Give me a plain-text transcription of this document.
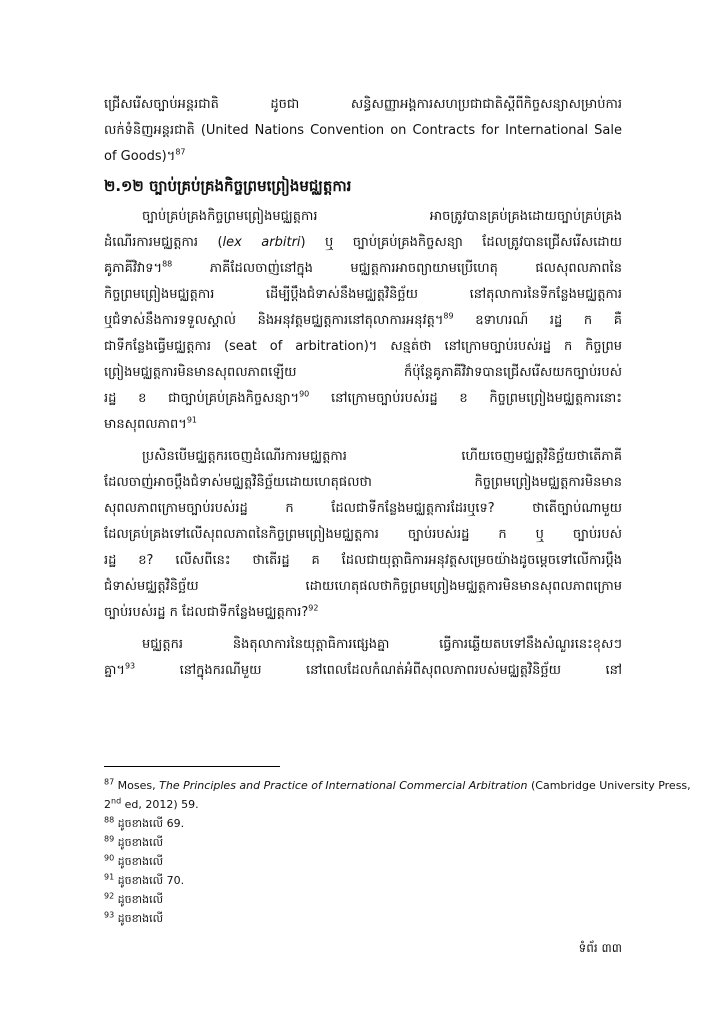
ជ្រើសរើសច្បាប់អន្តរជាតិ ដូចជា សន្ធិសញ្ញាអង្គការសហប្រជាជាតិស្ដីពីកិច្ចសន្យាសម្រាប់ការ
លក់ទំនិញអន្តរជាតិ (United Nations Convention on Contracts for International Sale
of Goods)។$^{87}$
២.១២ ច្បាប់គ្រប់គ្រងកិច្ចព្រមព្រៀងមជ្ឈត្តការ
ច្បាប់គ្រប់គ្រងកិច្ចព្រមព្រៀងមជ្ឈត្តការ អាចត្រូវបានគ្រប់គ្រងដោយច្បាប់គ្រប់គ្រង
ដំណើរការមជ្ឈត្តការ (lex arbitri) ឬ ច្បាប់គ្រប់គ្រងកិច្ចសន្យា ដែលត្រូវបានជ្រើសរើសដោយ
គូភាគីវិវាទ។$^{88}$ ភាគីដែលចាញ់នៅក្នុង មជ្ឈត្តការអាចព្យាយាមប្រើហេតុ ផលសុពលភាពនៃ
កិច្ចព្រមព្រៀងមជ្ឈត្តការ ដើម្បីប្ដឹងជំទាស់នឹងមជ្ឈត្តវិនិច្ឆ័យ នៅតុលាការនៃទីកន្លែងមជ្ឈត្តការ
ឬជំទាស់នឹងការទទួលស្គាល់ និងអនុវត្តមជ្ឈត្តការនៅតុលាការអនុវត្ត។$^{89}$ ឧទាហរណ៍ រដ្ឋ ក គឺ
ជាទីកន្លែងធ្វើមជ្ឈត្តការ (seat of arbitration)។ សន្មត់ថា នៅក្រោមច្បាប់របស់រដ្ឋ ក កិច្ចព្រម
ព្រៀងមជ្ឈត្តការមិនមានសុពលភាពឡើយ ក៏ប៉ុន្តែគូភាគីវិវាទបានជ្រើសរើសយកច្បាប់របស់
រដ្ឋ ខ ជាច្បាប់គ្រប់គ្រងកិច្ចសន្យា។$^{90}$ នៅក្រោមច្បាប់របស់រដ្ឋ ខ កិច្ចព្រមព្រៀងមជ្ឈត្តការនោះ
មានសុពលភាព។$^{91}$
ប្រសិនបើមជ្ឈត្តករចេញដំណើរការមជ្ឈត្តការ ហើយចេញមជ្ឈត្តវិនិច្ឆ័យថាតើភាគី
ដែលចាញ់អាចប្ដឹងជំទាស់មជ្ឈត្តវិនិច្ឆ័យដោយហេតុផលថា កិច្ចព្រមព្រៀងមជ្ឈត្តការមិនមាន
សុពលភាពក្រោមច្បាប់របស់រដ្ឋ ក ដែលជាទីកន្លែងមជ្ឈត្តការដែរឬទេ? ថាតើច្បាប់ណាមួយ
ដែលគ្រប់គ្រងទៅលើសុពលភាពនៃកិច្ចព្រមព្រៀងមជ្ឈត្តការ ច្បាប់របស់រដ្ឋ ក ឬ ច្បាប់របស់
រដ្ឋ ខ? លើសពីនេះ ថាតើរដ្ឋ គ ដែលជាយុត្តាធិការអនុវត្តសម្រេចយ៉ាងដូចម្ដេចទៅលើការប្ដឹង
ជំទាស់មជ្ឈត្តវិនិច្ឆ័យ ដោយហេតុផលថាកិច្ចព្រមព្រៀងមជ្ឈត្តការមិនមានសុពលភាពក្រោម
ច្បាប់របស់រដ្ឋ ក ដែលជាទីកន្លែងមជ្ឈត្តការ?$^{92}$
មជ្ឈត្តករ និងតុលាការនៃយុត្តាធិការផ្សេងគ្នា ធ្វើការឆ្លើយតបទៅនឹងសំណួរនេះខុសៗ
គ្នា។$^{93}$ នៅក្នុងករណីមួយ នៅពេលដែលកំណត់អំពីសុពលភាពរបស់មជ្ឈត្តវិនិច្ឆ័យ នៅ
$^{87}$ Moses, The Principles and Practice of International Commercial Arbitration (Cambridge University Press,
2nd ed, 2012) 59.
$^{88}$ ដូចខាងលើ 69.
$^{89}$ ដូចខាងលើ
$^{90}$ ដូចខាងលើ
$^{91}$ ដូចខាងលើ 70.
$^{92}$ ដូចខាងលើ
$^{93}$ ដូចខាងលើ
ទំព័រ ៣៣
